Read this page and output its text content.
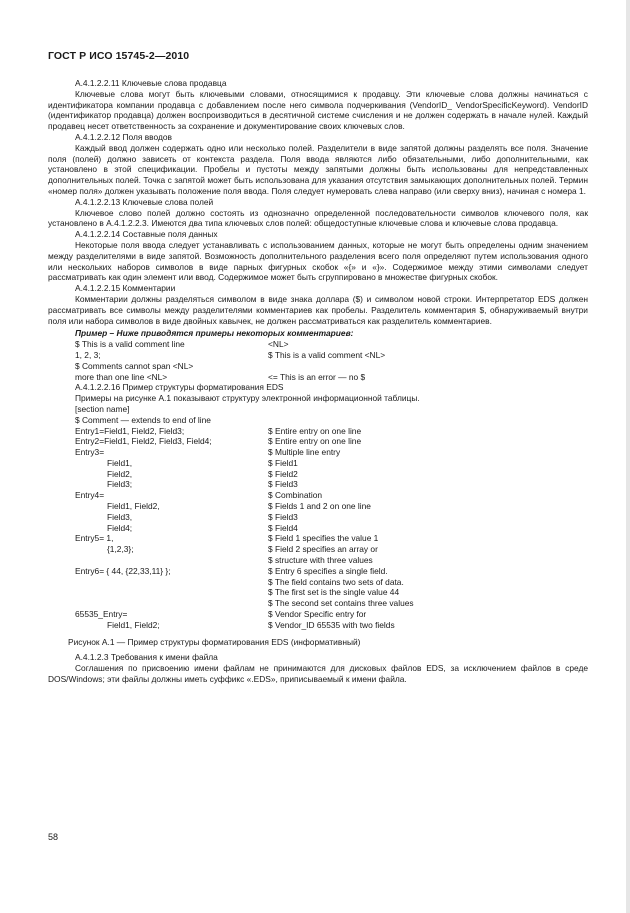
ГОСТ Р ИСО 15745-2—2010

А.4.1.2.2.11 Ключевые слова продавца

Ключевые слова могут быть ключевыми словами, относящимися к продавцу. Эти ключевые слова должны начинаться с идентификатора компании продавца с добавлением после него символа подчеркивания (VendorID_ VendorSpecificKeyword). VendorID (идентификатор продавца) должен воспроизводиться в десятичной системе счисления и не должен содержать в начале нулей. Каждый продавец несет ответственность за сохранение и документирование своих ключевых слов.

А.4.1.2.2.12 Поля вводов

Каждый ввод должен содержать одно или несколько полей. Разделители в виде запятой должны разделять все поля. Значение поля (полей) должно зависеть от контекста раздела. Поля ввода являются либо обязательными, либо дополнительными, как установлено в этой спецификации. Пробелы и пустоты между запятыми должны быть использованы для непредставленных дополнительных полей. Точка с запятой может быть использована для указания отсутствия замыкающих дополнительных полей. Термин «номер поля» должен указывать положение поля ввода. Поля следует нумеровать слева направо (или сверху вниз), начиная с номера 1.

А.4.1.2.2.13 Ключевые слова полей

Ключевое слово полей должно состоять из однозначно определенной последовательности символов ключевого поля, как установлено в А.4.1.2.2.3. Имеются два типа ключевых слов полей: общедоступные ключевые слова и ключевые слова продавца.

А.4.1.2.2.14 Составные поля данных

Некоторые поля ввода следует устанавливать с использованием данных, которые не могут быть определены одним значением между разделителями в виде запятой. Возможность дополнительного разделения всего поля определяют путем использования одного или нескольких наборов символов в виде парных фигурных скобок «{» и «}». Содержимое между этими символами следует рассматривать как один элемент или ввод. Содержимое может быть сгруппировано в множестве фигурных скобок.

А.4.1.2.2.15 Комментарии

Комментарии должны разделяться символом в виде знака доллара ($) и символом новой строки. Интерпретатор EDS должен рассматривать все символы между разделителями комментариев как пробелы. Разделитель комментария $, обнаруживаемый внутри поля или набора символов в виде двойных кавычек, не должен рассматриваться как разделитель комментариев.

Пример – Ниже приводятся примеры некоторых комментариев:

$ This is a valid comment line	<NL>
1, 2, 3;	$ This is a valid comment <NL>
$ Comments cannot span <NL>
more than one line <NL>	<= This is an error — no $

А.4.1.2.2.16 Пример структуры форматирования EDS

Примеры на рисунке А.1 показывают структуру электронной информационной таблицы.

[section name]
$ Comment — extends to end of line
Entry1=Field1, Field2, Field3;	$ Entire entry on one line
Entry2=Field1, Field2, Field3, Field4;	$ Entire entry on one line
Entry3=	$ Multiple line entry
Field1,	$ Field1
Field2,	$ Field2
Field3;	$ Field3
Entry4=	$ Combination
Field1, Field2,	$ Fields 1 and 2 on one line
Field3,	$ Field3
Field4;	$ Field4
Entry5= 1,	$ Field 1 specifies the value 1
{1,2,3};	$ Field 2 specifies an array or
$ structure with three values
Entry6= { 44, {22,33,11} };	$ Entry 6 specifies a single field.
$ The field contains two sets of data.
$ The first set is the single value 44
$ The second set contains three values
65535_Entry=	$ Vendor Specific entry for
Field1, Field2;	$ Vendor_ID 65535 with two fields

Рисунок А.1 — Пример структуры форматирования EDS (информативный)

А.4.1.2.3 Требования к имени файла

Соглашения по присвоению имени файлам не принимаются для дисковых файлов EDS, за исключением файлов в среде DOS/Windows; эти файлы должны иметь суффикс «.EDS», приписываемый к имени файла.

58
